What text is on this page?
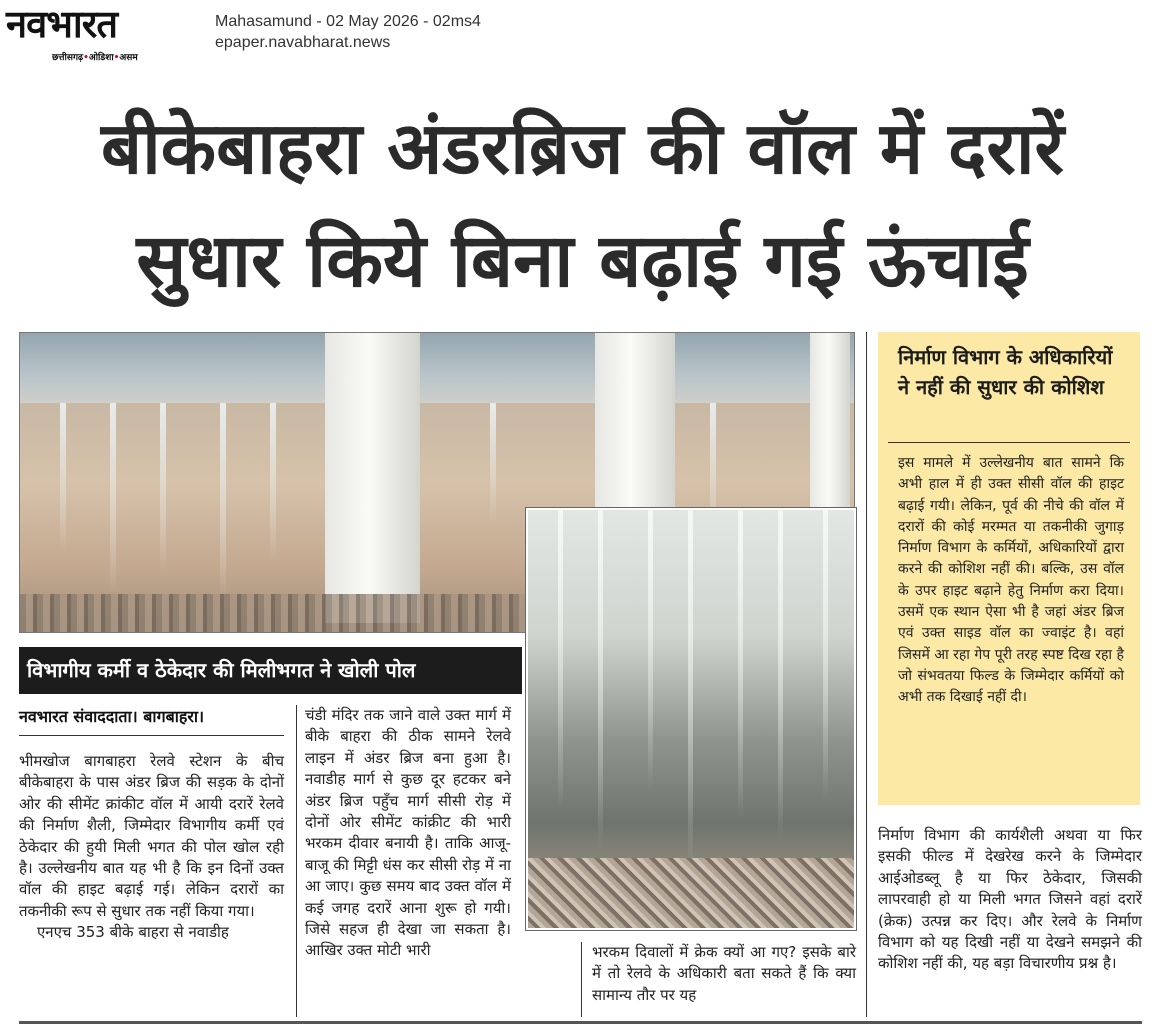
नवभारत
छत्तीसगढ़•ओडिशा•असम
Mahasamund - 02 May 2026 - 02ms4
epaper.navabharat.news
बीकेबाहरा अंडरब्रिज की वॉल में दरारें
सुधार किये बिना बढ़ाई गई ऊंचाई
विभागीय कर्मी व ठेकेदार की मिलीभगत ने खोली पोल
नवभारत संवाददाता। बागबाहरा।

भीमखोज बागबाहरा रेलवे स्टेशन के बीच बीकेबाहरा के पास अंडर ब्रिज की सड़क के दोनों ओर की सीमेंट क्रांकीट वॉल में आयी दरारें रेलवे की निर्माण शैली, जिम्मेदार विभागीय कर्मी एवं ठेकेदार की हुयी मिली भगत की पोल खोल रही है। उल्लेखनीय बात यह भी है कि इन दिनों उक्त वॉल की हाइट बढ़ाई गई। लेकिन दरारों का तकनीकी रूप से सुधार तक नहीं किया गया।

एनएच 353 बीके बाहरा से नवाडीह

चंडी मंदिर तक जाने वाले उक्त मार्ग में बीके बाहरा की ठीक सामने रेलवे लाइन में अंडर ब्रिज बना हुआ है। नवाडीह मार्ग से कुछ दूर हटकर बने अंडर ब्रिज पहुँच मार्ग सीसी रोड़ में दोनों ओर सीमेंट कांक्रीट की भारी भरकम दीवार बनायी है। ताकि आजू-बाजू की मिट्टी धंस कर सीसी रोड़ में ना आ जाए। कुछ समय बाद उक्त वॉल में कई जगह दरारें आना शुरू हो गयी। जिसे सहज ही देखा जा सकता है। आखिर उक्त मोटी भारी	भरकम दिवालों में क्रेक क्यों आ गए? इसके बारे में तो रेलवे के अधिकारी बता सकते हैं कि क्या सामान्य तौर पर यह

निर्माण विभाग की कार्यशैली अथवा या फिर इसकी फील्ड में देखरेख करने के जिम्मेदार आईओडब्लू है या फिर ठेकेदार, जिसकी लापरवाही हो या मिली भगत जिसने वहां दरारें (क्रेक) उत्पन्न कर दिए। और रेलवे के निर्माण विभाग को यह दिखी नहीं या देखने समझने की कोशिश नहीं की, यह बड़ा विचारणीय प्रश्न है।

निर्माण विभाग के अधिकारियों ने नहीं की सुधार की कोशिश
इस मामले में उल्लेखनीय बात सामने कि अभी हाल में ही उक्त सीसी वॉल की हाइट बढ़ाई गयी। लेकिन, पूर्व की नीचे की वॉल में दरारों की कोई मरम्मत या तकनीकी जुगाड़ निर्माण विभाग के कर्मियों, अधिकारियों द्वारा करने की कोशिश नहीं की। बल्कि, उस वॉल के उपर हाइट बढ़ाने हेतु निर्माण करा दिया। उसमें एक स्थान ऐसा भी है जहां अंडर ब्रिज एवं उक्त साइड वॉल का ज्वाइंट है। वहां जिसमें आ रहा गेप पूरी तरह स्पष्ट दिख रहा है जो संभवतया फिल्ड के जिम्मेदार कर्मियों को अभी तक दिखाई नहीं दी।
